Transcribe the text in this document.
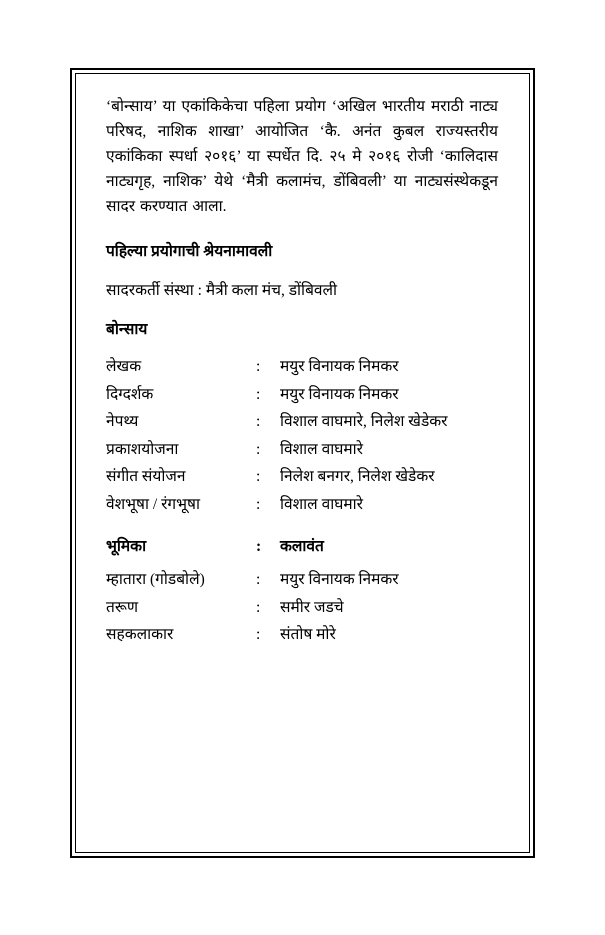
‘बोन्साय’ या एकांकिकेचा पहिला प्रयोग ‘अखिल भारतीय मराठी नाट्य परिषद, नाशिक शाखा’ आयोजित ‘कै. अनंत कुबल राज्यस्तरीय एकांकिका स्पर्धा २०१६’ या स्पर्धेत दि. २५ मे २०१६ रोजी ‘कालिदास नाट्यगृह, नाशिक’ येथे ‘मैत्री कलामंच, डोंबिवली’ या नाट्यसंस्थेकडून सादर करण्यात आला.

पहिल्या प्रयोगाची श्रेयनामावली

सादरकर्ती संस्था : मैत्री कला मंच, डोंबिवली

बोन्साय

लेखक	:	मयुर विनायक निमकर
दिग्दर्शक	:	मयुर विनायक निमकर
नेपथ्य	:	विशाल वाघमारे, निलेश खेडेकर
प्रकाशयोजना	:	विशाल वाघमारे
संगीत संयोजन	:	निलेश बनगर, निलेश खेडेकर
वेशभूषा / रंगभूषा	:	विशाल वाघमारे
भूमिका	:	कलावंत
म्हातारा (गोडबोले)	:	मयुर विनायक निमकर
तरूण	:	समीर जडचे
सहकलाकार	:	संतोष मोरे
